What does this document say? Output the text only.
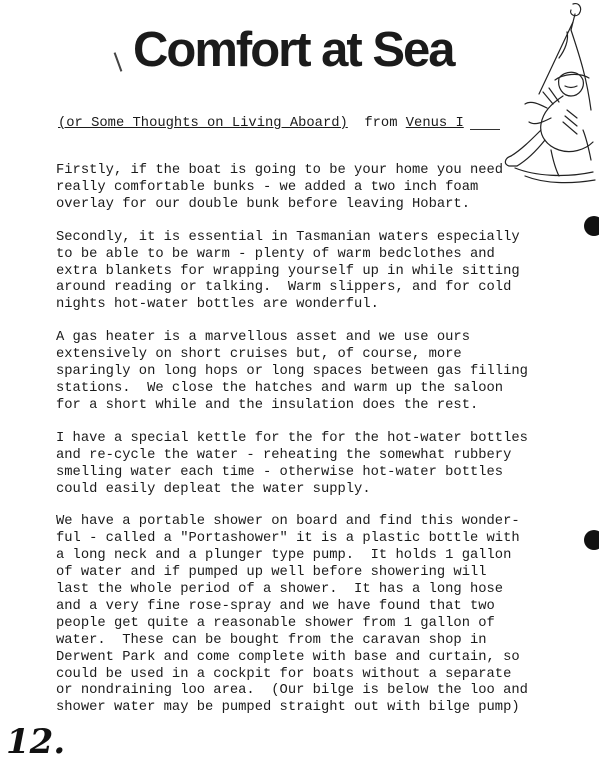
Comfort at Sea
(or Some Thoughts on Living Aboard) from Venus I
Firstly, if the boat is going to be your home you need
really comfortable bunks - we added a two inch foam
overlay for our double bunk before leaving Hobart.
Secondly, it is essential in Tasmanian waters especially
to be able to be warm - plenty of warm bedclothes and
extra blankets for wrapping yourself up in while sitting
around reading or talking.  Warm slippers, and for cold
nights hot-water bottles are wonderful.
A gas heater is a marvellous asset and we use ours
extensively on short cruises but, of course, more
sparingly on long hops or long spaces between gas filling
stations.  We close the hatches and warm up the saloon
for a short while and the insulation does the rest.
I have a special kettle for the for the hot-water bottles
and re-cycle the water - reheating the somewhat rubbery
smelling water each time - otherwise hot-water bottles
could easily depleat the water supply.
We have a portable shower on board and find this wonder-
ful - called a "Portashower" it is a plastic bottle with
a long neck and a plunger type pump.  It holds 1 gallon
of water and if pumped up well before showering will
last the whole period of a shower.  It has a long hose
and a very fine rose-spray and we have found that two
people get quite a reasonable shower from 1 gallon of
water.  These can be bought from the caravan shop in
Derwent Park and come complete with base and curtain, so
could be used in a cockpit for boats without a separate
or nondraining loo area.  (Our bilge is below the loo and
shower water may be pumped straight out with bilge pump)
12.
